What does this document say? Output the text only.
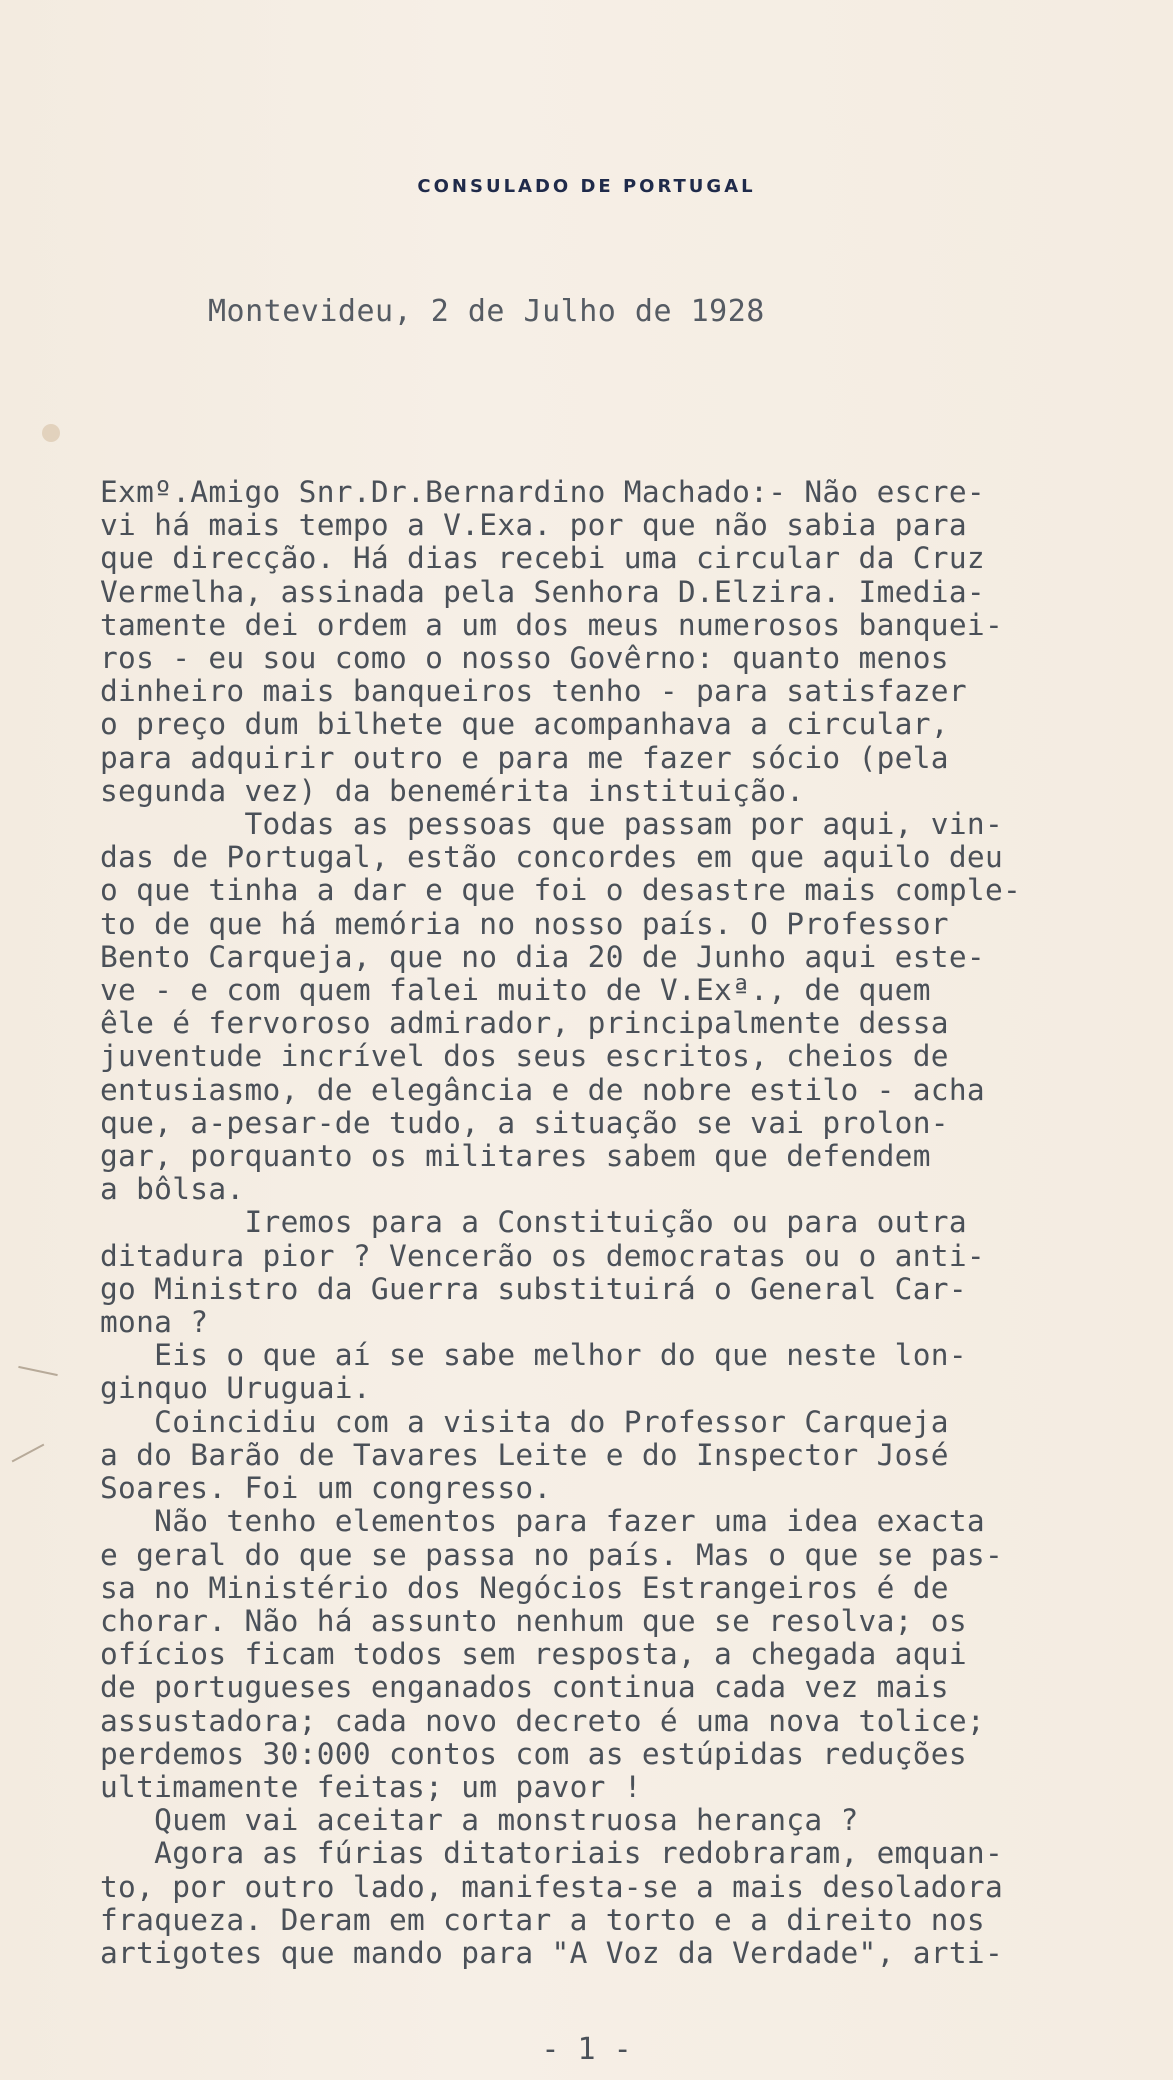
CONSULADO DE PORTUGAL
Montevideu, 2 de Julho de 1928
Exmº.Amigo Snr.Dr.Bernardino Machado:- Não escre-
vi há mais tempo a V.Exa. por que não sabia para
que direcção. Há dias recebi uma circular da Cruz
Vermelha, assinada pela Senhora D.Elzira. Imedia-
tamente dei ordem a um dos meus numerosos banquei-
ros - eu sou como o nosso Govêrno: quanto menos
dinheiro mais banqueiros tenho - para satisfazer
o preço dum bilhete que acompanhava a circular,
para adquirir outro e para me fazer sócio (pela
segunda vez) da benemérita instituição.
Todas as pessoas que passam por aqui, vin-
das de Portugal, estão concordes em que aquilo deu
o que tinha a dar e que foi o desastre mais comple-
to de que há memória no nosso país. O Professor
Bento Carqueja, que no dia 20 de Junho aqui este-
ve - e com quem falei muito de V.Exª., de quem
êle é fervoroso admirador, principalmente dessa
juventude incrível dos seus escritos, cheios de
entusiasmo, de elegância e de nobre estilo - acha
que, a-pesar-de tudo, a situação se vai prolon-
gar, porquanto os militares sabem que defendem
a bôlsa.
Iremos para a Constituição ou para outra
ditadura pior ? Vencerão os democratas ou o anti-
go Ministro da Guerra substituirá o General Car-
mona ?
Eis o que aí se sabe melhor do que neste lon-
ginquo Uruguai.
Coincidiu com a visita do Professor Carqueja
a do Barão de Tavares Leite e do Inspector José
Soares. Foi um congresso.
Não tenho elementos para fazer uma idea exacta
e geral do que se passa no país. Mas o que se pas-
sa no Ministério dos Negócios Estrangeiros é de
chorar. Não há assunto nenhum que se resolva; os
ofícios ficam todos sem resposta, a chegada aqui
de portugueses enganados continua cada vez mais
assustadora; cada novo decreto é uma nova tolice;
perdemos 30:000 contos com as estúpidas reduções
ultimamente feitas; um pavor !
Quem vai aceitar a monstruosa herança ?
Agora as fúrias ditatoriais redobraram, emquan-
to, por outro lado, manifesta-se a mais desoladora
fraqueza. Deram em cortar a torto e a direito nos
artigotes que mando para "A Voz da Verdade", arti-
- 1 -
